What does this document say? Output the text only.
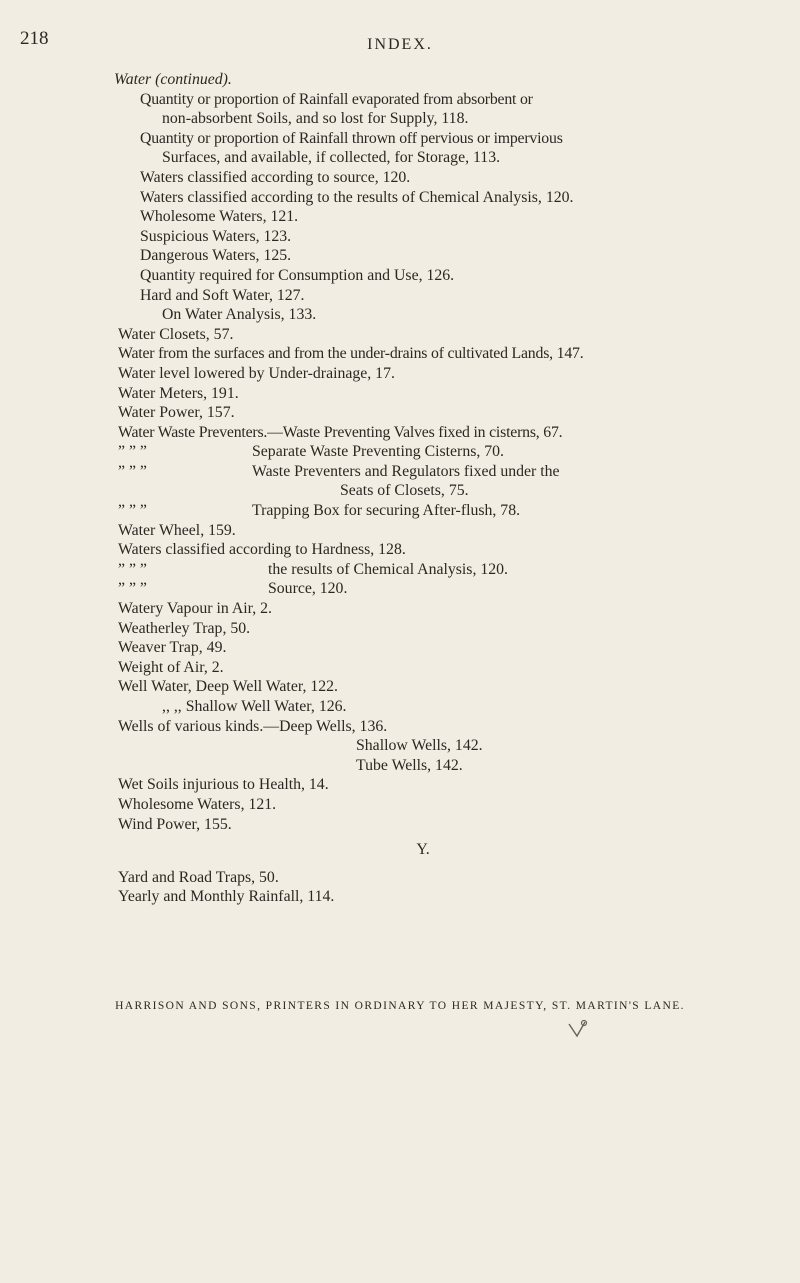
218	INDEX.
Water (continued).
Quantity or proportion of Rainfall evaporated from absorbent or
non-absorbent Soils, and so lost for Supply, 118.
Quantity or proportion of Rainfall thrown off pervious or impervious
Surfaces, and available, if collected, for Storage, 113.
Waters classified according to source, 120.
Waters classified according to the results of Chemical Analysis, 120.
Wholesome Waters, 121.
Suspicious Waters, 123.
Dangerous Waters, 125.
Quantity required for Consumption and Use, 126.
Hard and Soft Water, 127.
On Water Analysis, 133.
Water Closets, 57.
Water from the surfaces and from the under-drains of cultivated Lands, 147.
Water level lowered by Under-drainage, 17.
Water Meters, 191.
Water Power, 157.
Water Waste Preventers.—Waste Preventing Valves fixed in cisterns, 67.
” ” ”	Separate Waste Preventing Cisterns, 70.
” ” ”	Waste Preventers and Regulators fixed under the
Seats of Closets, 75.
” ” ”	Trapping Box for securing After-flush, 78.
Water Wheel, 159.
Waters classified according to Hardness, 128.
” ” ”	the results of Chemical Analysis, 120.
” ” ”	Source, 120.
Watery Vapour in Air, 2.
Weatherley Trap, 50.
Weaver Trap, 49.
Weight of Air, 2.
Well Water, Deep Well Water, 122.
,, ,, Shallow Well Water, 126.
Wells of various kinds.—Deep Wells, 136.
Shallow Wells, 142.
Tube Wells, 142.
Wet Soils injurious to Health, 14.
Wholesome Waters, 121.
Wind Power, 155.
Y.
Yard and Road Traps, 50.
Yearly and Monthly Rainfall, 114.
HARRISON AND SONS, PRINTERS IN ORDINARY TO HER MAJESTY, ST. MARTIN'S LANE.
